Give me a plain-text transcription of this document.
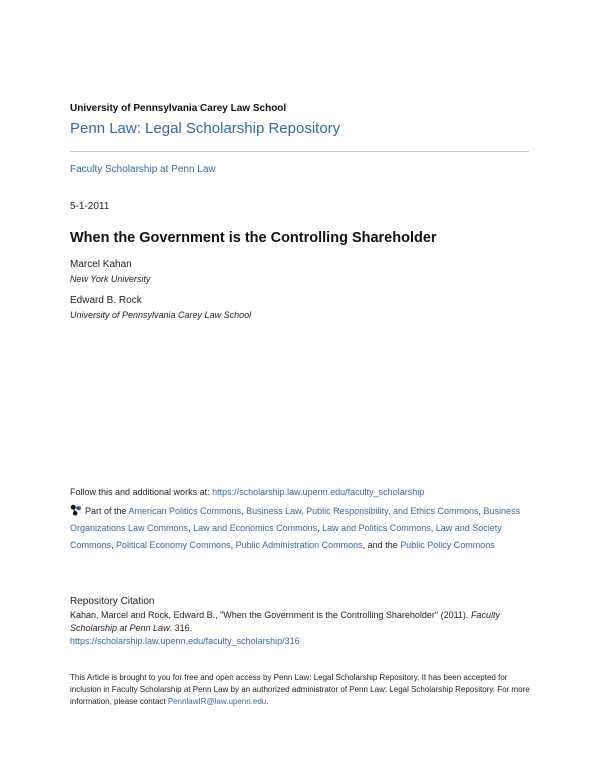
University of Pennsylvania Carey Law School
Penn Law: Legal Scholarship Repository
Faculty Scholarship at Penn Law
5-1-2011
When the Government is the Controlling Shareholder
Marcel Kahan
New York University
Edward B. Rock
University of Pennsylvania Carey Law School
Follow this and additional works at: https://scholarship.law.upenn.edu/faculty_scholarship
Part of the American Politics Commons, Business Law, Public Responsibility, and Ethics Commons, Business Organizations Law Commons, Law and Economics Commons, Law and Politics Commons, Law and Society Commons, Political Economy Commons, Public Administration Commons, and the Public Policy Commons
Repository Citation
Kahan, Marcel and Rock, Edward B., "When the Government is the Controlling Shareholder" (2011). Faculty Scholarship at Penn Law. 316.
https://scholarship.law.upenn.edu/faculty_scholarship/316
This Article is brought to you for free and open access by Penn Law: Legal Scholarship Repository. It has been accepted for inclusion in Faculty Scholarship at Penn Law by an authorized administrator of Penn Law: Legal Scholarship Repository. For more information, please contact PennlawIR@law.upenn.edu.
